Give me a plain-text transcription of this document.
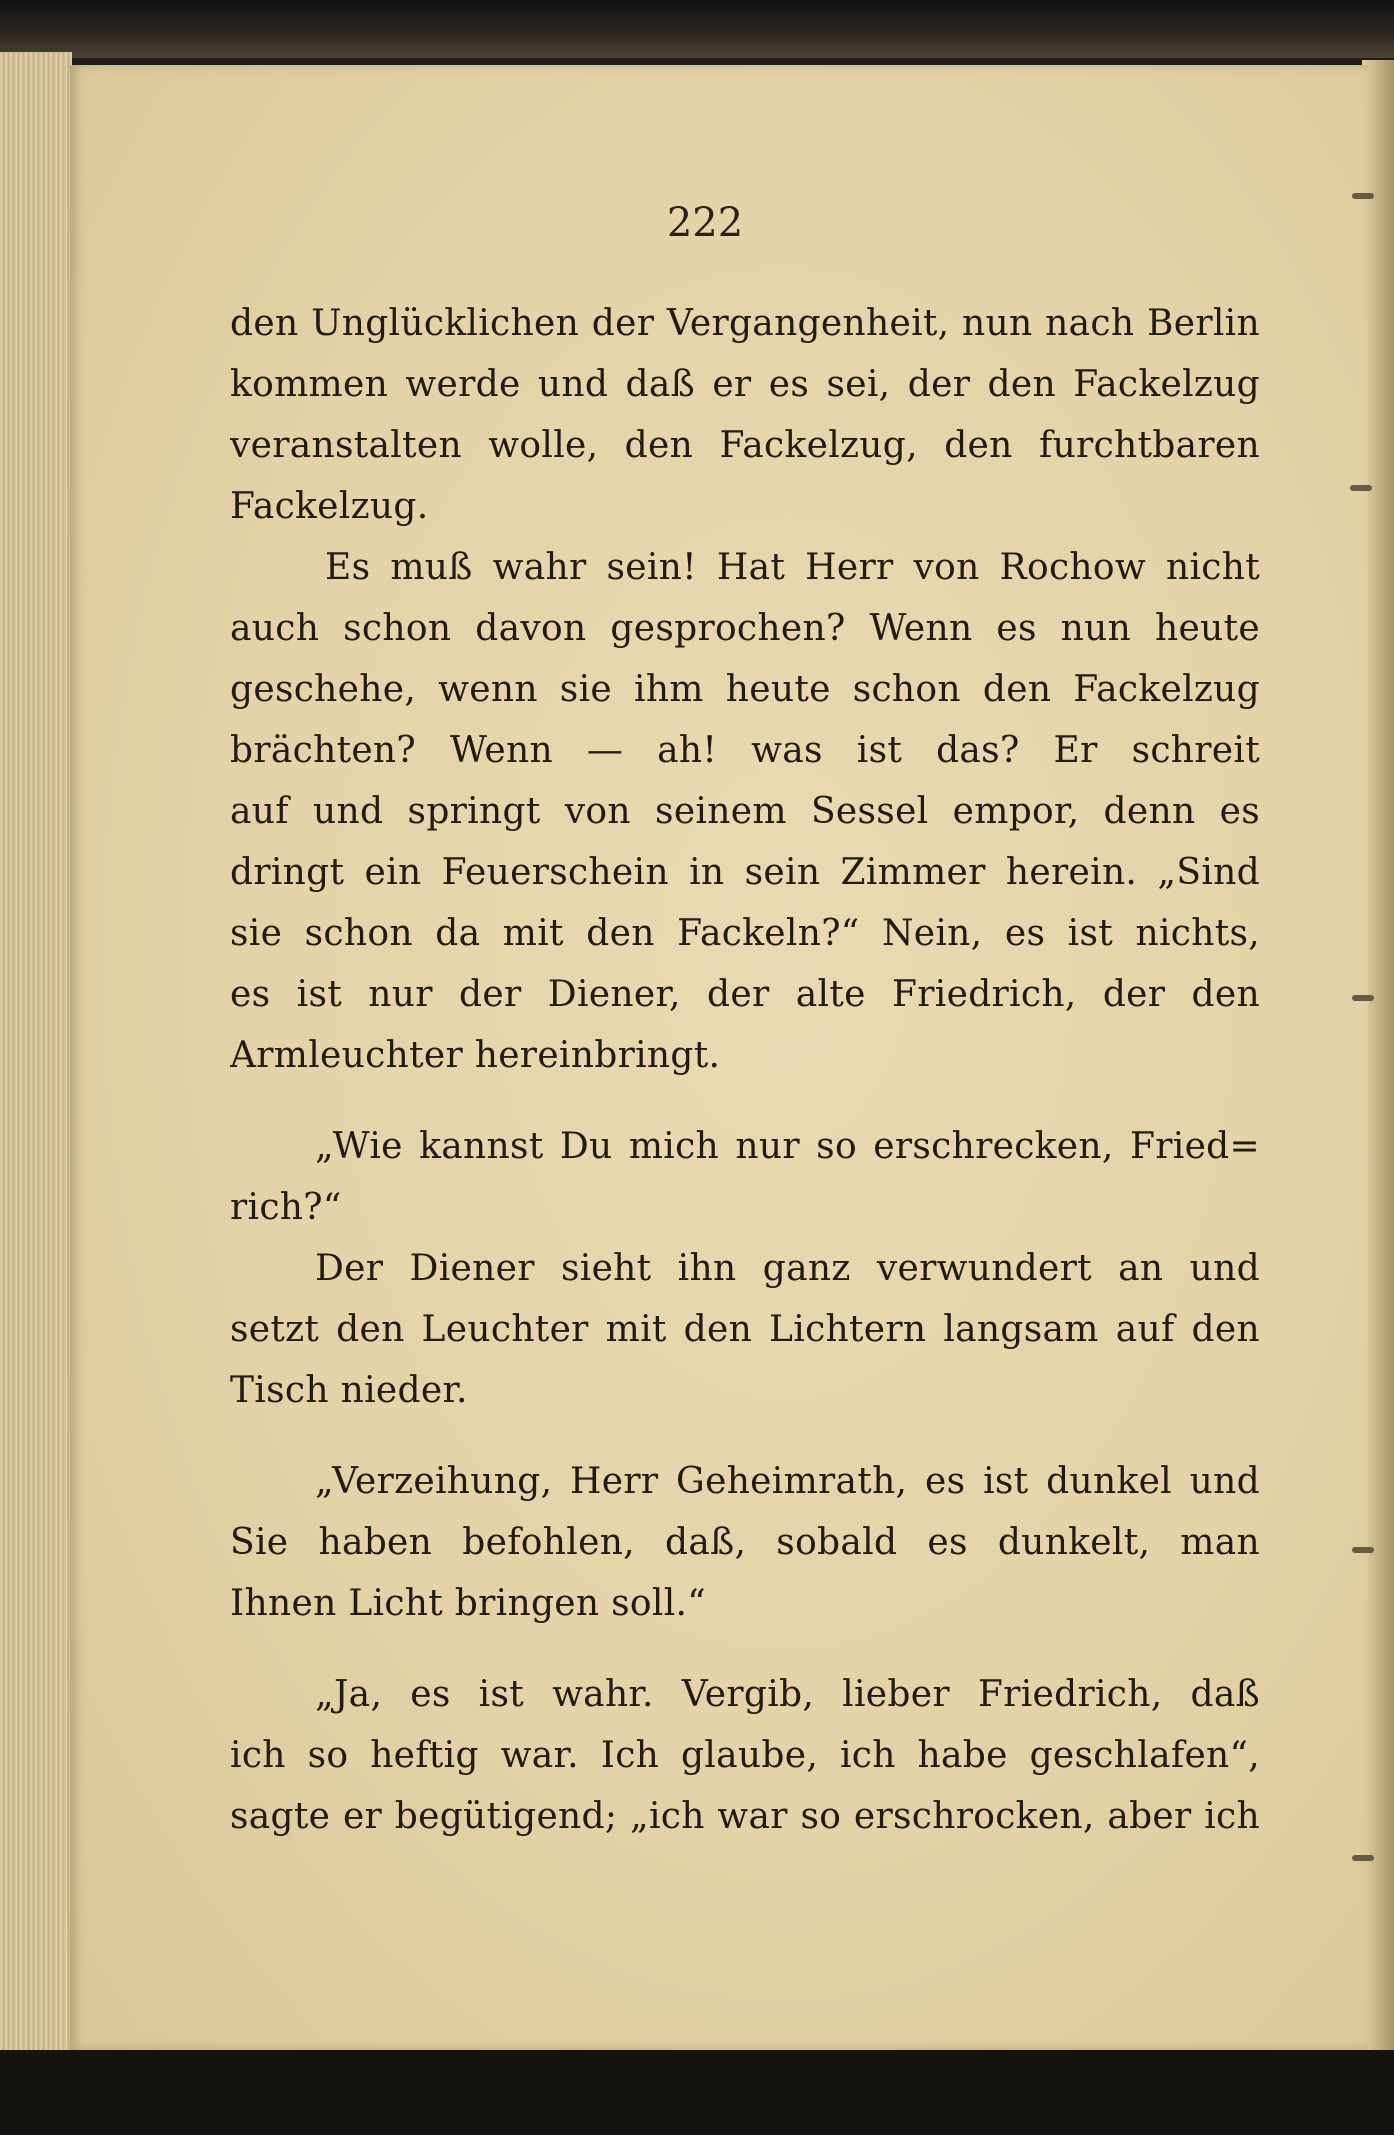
222
den Unglücklichen der Vergangenheit, nun nach Berlin
kommen werde und daß er es sei, der den Fackelzug
veranstalten wolle, den Fackelzug, den furchtbaren
Fackelzug.
Es muß wahr sein! Hat Herr von Rochow nicht
auch schon davon gesprochen? Wenn es nun heute
geschehe, wenn sie ihm heute schon den Fackelzug
brächten? Wenn — ah! was ist das? Er schreit
auf und springt von seinem Sessel empor, denn es
dringt ein Feuerschein in sein Zimmer herein. „Sind
sie schon da mit den Fackeln?“ Nein, es ist nichts,
es ist nur der Diener, der alte Friedrich, der den
Armleuchter hereinbringt.
„Wie kannst Du mich nur so erschrecken, Fried=
rich?“
Der Diener sieht ihn ganz verwundert an und
setzt den Leuchter mit den Lichtern langsam auf den
Tisch nieder.
„Verzeihung, Herr Geheimrath, es ist dunkel und
Sie haben befohlen, daß, sobald es dunkelt, man
Ihnen Licht bringen soll.“
„Ja, es ist wahr. Vergib, lieber Friedrich, daß
ich so heftig war. Ich glaube, ich habe geschlafen“,
sagte er begütigend; „ich war so erschrocken, aber ich
